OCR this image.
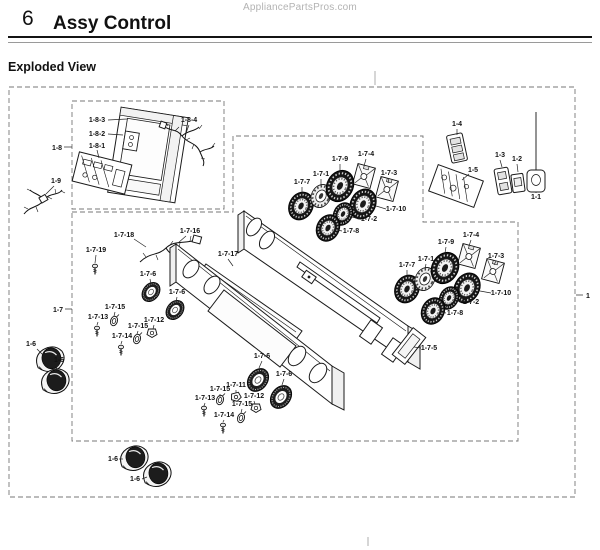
AppliancePartsPros.com
6 Assy Control
Exploded View
1-8-3
1-8-2
1-8-1
1-8-4
1-8
1-9
1-7-19
1-7-18
1-7-16
1-7-17
1-7-7
1-7-1
1-7-9
1-7-4
1-7-3
1-7-10
1-7-2
1-7-8
1-4
1-5
1-3
1-2
1-1
1-7-9
1-7-4
1-7-3
1-7-1
1-7-7
1-7-10
1-7-2
1-7-8
1-7-6
1-7-6
1-7-15
1-7-13	1-7-12
1-7-15
1-7-14
1-7
1-6
1-6
1-6
1-6
1-7-13
1-7-15
1-7-11
1-7-15
1-7-12
1-7-14
1-7-6
1-7-6
1-7-5
1
